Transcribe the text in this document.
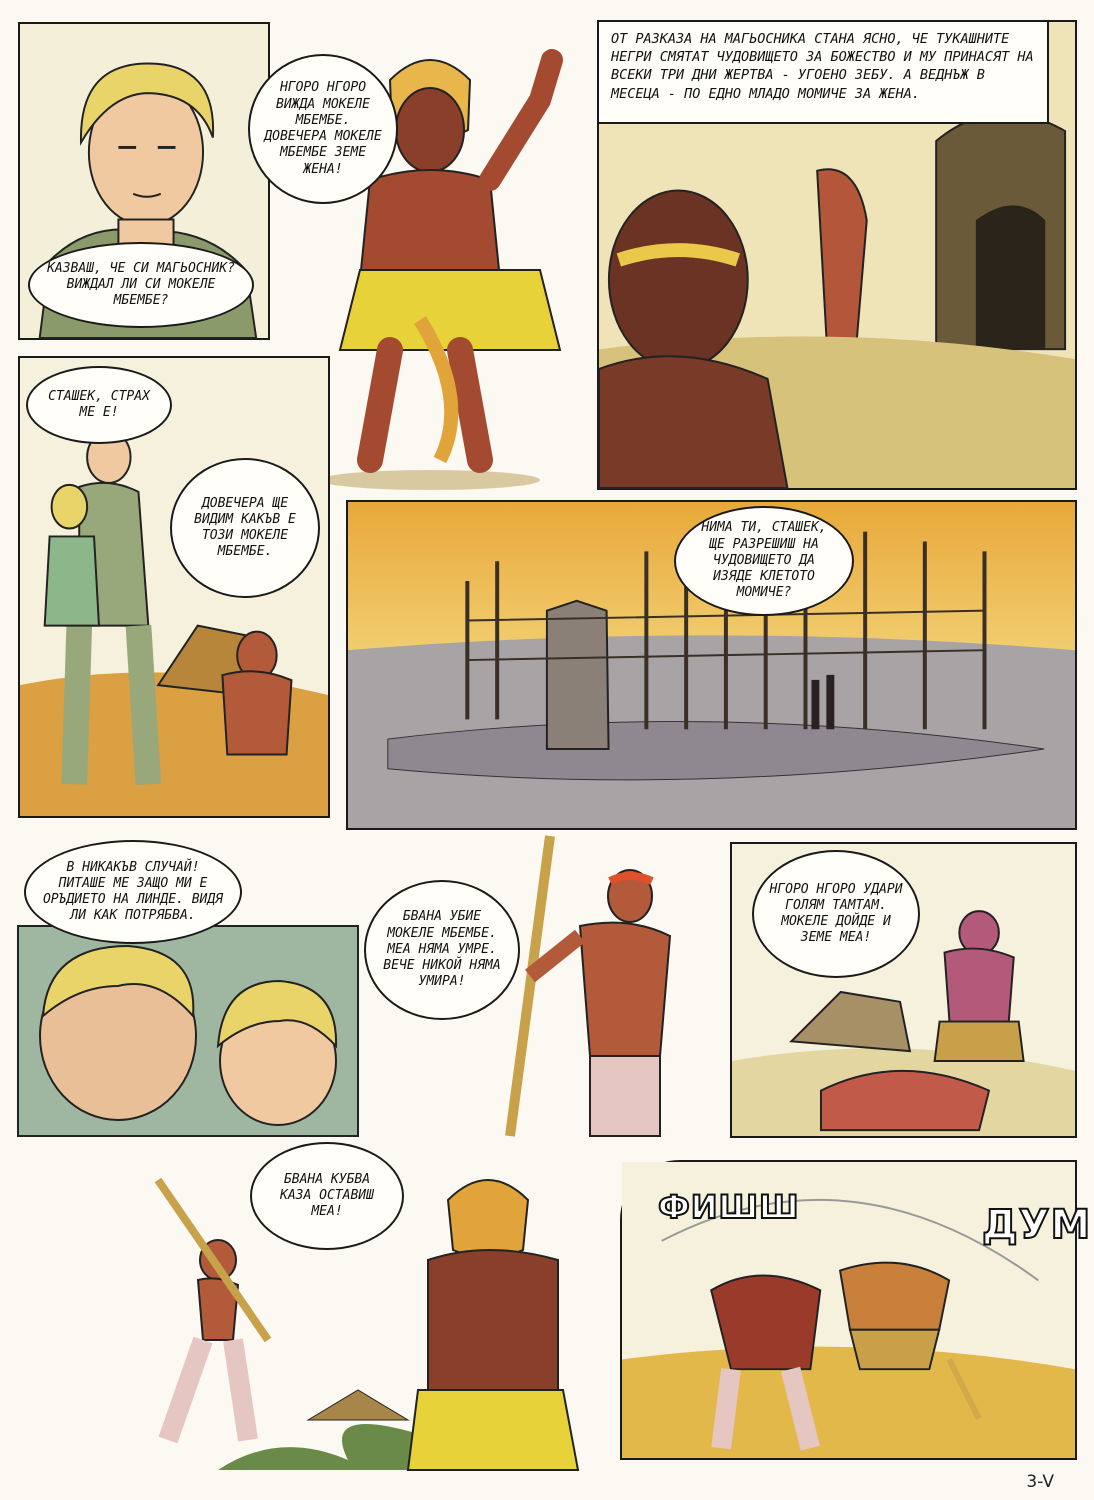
КАЗВАШ, ЧЕ СИ МАГЬОСНИК? ВИЖДАЛ ЛИ СИ МОКЕЛЕ МБЕМБЕ?
НГОРО НГОРО ВИЖДА МОКЕЛЕ МБЕМБЕ. ДОВЕЧЕРА МОКЕЛЕ МБЕМБЕ ЗЕМЕ ЖЕНА!
ОТ РАЗКАЗА НА МАГЬОСНИКА СТАНА ЯСНО, ЧЕ ТУКАШНИТЕ НЕГРИ СМЯТАТ ЧУДОВИЩЕТО ЗА БОЖЕСТВО И МУ ПРИНАСЯТ НА ВСЕКИ ТРИ ДНИ ЖЕРТВА - УГОЕНО ЗЕБУ. А ВЕДНЪЖ В МЕСЕЦА - ПО ЕДНО МЛАДО МОМИЧЕ ЗА ЖЕНА.
СТАШЕК, СТРАХ МЕ Е!
ДОВЕЧЕРА ЩЕ ВИДИМ КАКЪВ Е ТОЗИ МОКЕЛЕ МБЕМБЕ.
НИМА ТИ, СТАШЕК, ЩЕ РАЗРЕШИШ НА ЧУДОВИЩЕТО ДА ИЗЯДЕ КЛЕТОТО МОМИЧЕ?
В НИКАКЪВ СЛУЧАЙ! ПИТАШЕ МЕ ЗАЩО МИ Е ОРЪДИЕТО НА ЛИНДЕ. ВИДЯ ЛИ КАК ПОТРЯБВА.	БВАНА УБИЕ МОКЕЛЕ МБЕМБЕ. МЕА НЯМА УМРЕ. ВЕЧЕ НИКОЙ НЯМА УМИРА!
НГОРО НГОРО УДАРИ ГОЛЯМ ТАМТАМ. МОКЕЛЕ ДОЙДЕ И ЗЕМЕ МЕА!
БВАНА КУБВА КАЗА ОСТАВИШ МЕА!	ФИШШ	ДУМ
3-V
